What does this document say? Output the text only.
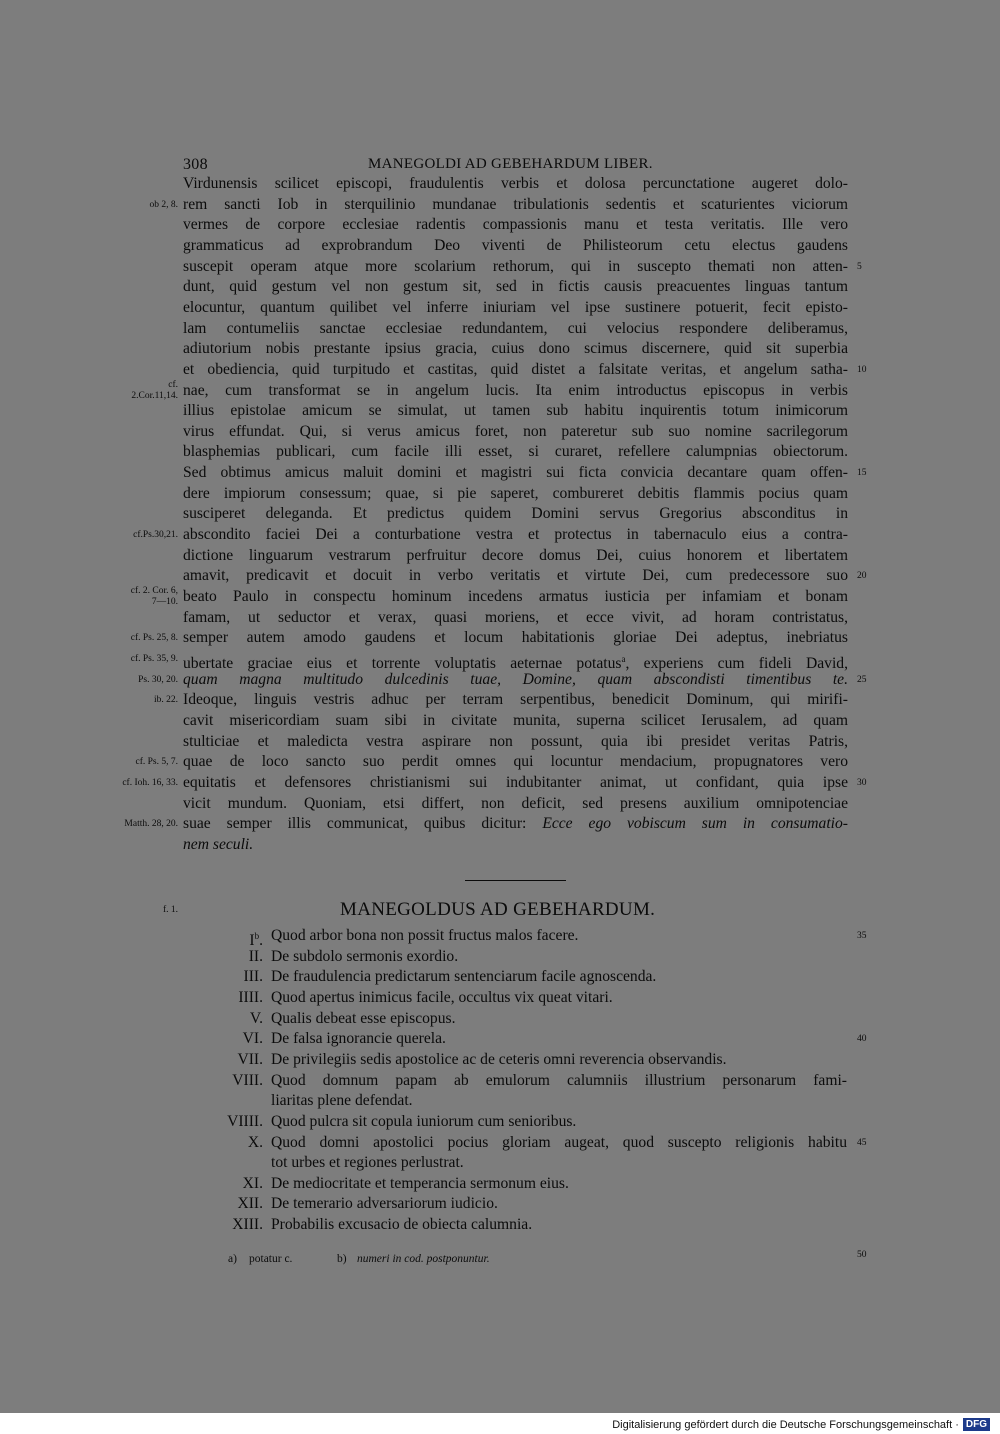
308	MANEGOLDI AD GEBEHARDUM LIBER.
Virdunensis scilicet episcopi, fraudulentis verbis et dolosa percunctatione augeret dolo-
rem sancti Iob in sterquilinio mundanae tribulationis sedentis et scaturientes viciorum
vermes de corpore ecclesiae radentis compassionis manu et testa veritatis. Ille vero
grammaticus ad exprobrandum Deo viventi de Philisteorum cetu electus gaudens
suscepit operam atque more scolarium rethorum, qui in suscepto themati non atten-
dunt, quid gestum vel non gestum sit, sed in fictis causis preacuentes linguas tantum
elocuntur, quantum quilibet vel inferre iniuriam vel ipse sustinere potuerit, fecit episto-
lam contumeliis sanctae ecclesiae redundantem, cui velocius respondere deliberamus,
adiutorium nobis prestante ipsius gracia, cuius dono scimus discernere, quid sit superbia
et obediencia, quid turpitudo et castitas, quid distet a falsitate veritas, et angelum satha-
nae, cum transformat se in angelum lucis. Ita enim introductus episcopus in verbis
illius epistolae amicum se simulat, ut tamen sub habitu inquirentis totum inimicorum
virus effundat. Qui, si verus amicus foret, non pateretur sub suo nomine sacrilegorum
blasphemias publicari, cum facile illi esset, si curaret, refellere calumpnias obiectorum.
Sed obtimus amicus maluit domini et magistri sui ficta convicia decantare quam offen-
dere impiorum consessum; quae, si pie saperet, combureret debitis flammis pocius quam
susciperet deleganda. Et predictus quidem Domini servus Gregorius absconditus in
abscondito faciei Dei a conturbatione vestra et protectus in tabernaculo eius a contra-
dictione linguarum vestrarum perfruitur decore domus Dei, cuius honorem et libertatem
amavit, predicavit et docuit in verbo veritatis et virtute Dei, cum predecessore suo
beato Paulo in conspectu hominum incedens armatus iusticia per infamiam et bonam
famam, ut seductor et verax, quasi moriens, et ecce vivit, ad horam contristatus,
semper autem amodo gaudens et locum habitationis gloriae Dei adeptus, inebriatus
ubertate graciae eius et torrente voluptatis aeternae potatus$^a$, experiens cum fideli David,
quam magna multitudo dulcedinis tuae, Domine, quam abscondisti timentibus te.
Ideoque, linguis vestris adhuc per terram serpentibus, benedicit Dominum, qui mirifi-
cavit misericordiam suam sibi in civitate munita, superna scilicet Ierusalem, ad quam
stulticiae et maledicta vestra aspirare non possunt, quia ibi presidet veritas Patris,
quae de loco sancto suo perdit omnes qui locuntur mendacium, propugnatores vero
equitatis et defensores christianismi sui indubitanter animat, ut confidant, quia ipse
vicit mundum. Quoniam, etsi differt, non deficit, sed presens auxilium omnipotenciae
suae semper illis communicat, quibus dicitur: Ecce ego vobiscum sum in consumatio-
nem seculi.
ob 2, 8.
5
10
cf.
2.Cor.11,14.
15
cf.Ps.30,21.
20
cf. 2. Cor. 6,
7—10.
cf. Ps. 25, 8.
cf. Ps. 35, 9.
Ps. 30, 20.	25
ib. 22.
cf. Ps. 5, 7.
cf. Ioh. 16, 33.	30
Matth. 28, 20.
f. 1.	MANEGOLDUS AD GEBEHARDUM.
$I^b$. Quod arbor bona non possit fructus malos facere.	35
II. De subdolo sermonis exordio.
III. De fraudulencia predictarum sentenciarum facile agnoscenda.
IIII. Quod apertus inimicus facile, occultus vix queat vitari.
V. Qualis debeat esse episcopus.
VI. De falsa ignorancie querela.	40
VII. De privilegiis sedis apostolice ac de ceteris omni reverencia observandis.
VIII. Quod domnum papam ab emulorum calumniis illustrium personarum fami-
liaritas plene defendat.
VIIII. Quod pulcra sit copula iuniorum cum senioribus.
X. Quod domni apostolici pocius gloriam augeat, quod suscepto religionis habitu
tot urbes et regiones perlustrat.
45
XI. De mediocritate et temperancia sermonum eius.
XII. De temerario adversariorum iudicio.
XIII. Probabilis excusacio de obiecta calumnia.
a) potatur c.	b) numeri in cod. postponuntur.	50
Digitalisierung gefördert durch die Deutsche Forschungsgemeinschaft · DFG
